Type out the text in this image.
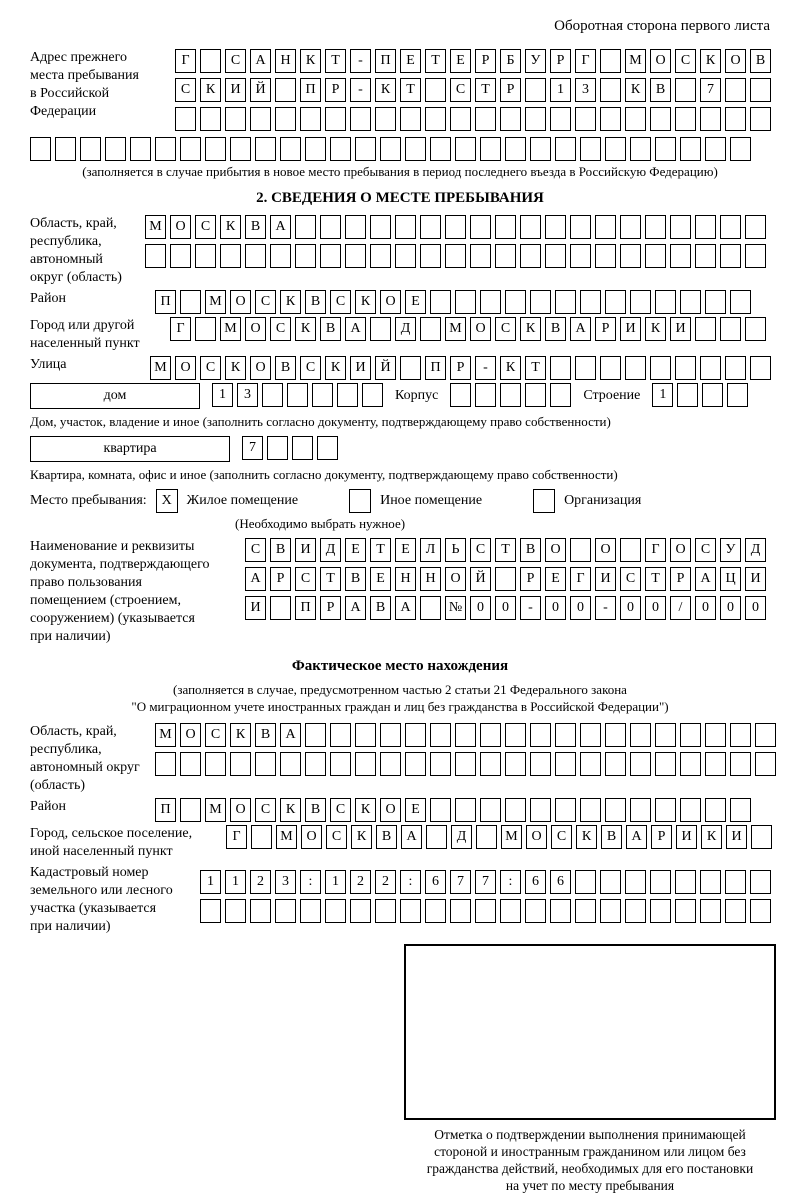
Оборотная сторона первого листа
Адрес прежнего
места пребывания
в Российской
Федерации
Г	С	А	Н	К	Т	-	П	Е	Т	Е	Р	Б	У	Р	Г	М О	С	К	О	В
С	К	И	Й	П	Р	-	К	Т	С	Т	Р	1	3	К	В	7
(заполняется в случае прибытия в новое место пребывания в период последнего въезда в Российскую Федерацию)
2. СВЕДЕНИЯ О МЕСТЕ ПРЕБЫВАНИЯ
Область, край,
республика,
автономный
округ (область)
М О	С	К	В	А
Район	П	М О	С	К	В	С	К	О	Е
Город или другой
населенный пункт
Г	М О	С	К	В	А	Д	М О	С	К	В	А	Р	И	К	И
Улица	М О	С	К	О	В	С	К	И	Й	П	Р	-	К	Т
дом	1	3	Корпус	Строение	1
Дом, участок, владение и иное (заполнить согласно документу, подтверждающему право собственности)
квартира	7
Квартира, комната, офис и иное (заполнить согласно документу, подтверждающему право собственности)
Место пребывания:	X	Жилое помещение	Иное помещение	Организация
(Необходимо выбрать нужное)
Наименование и реквизиты
документа, подтверждающего
право пользования
помещением (строением,
сооружением) (указывается
при наличии)
С	В	И	Д	Е	Т	Е	Л	Ь	С	Т	В	О	О	Г	О	С	У	Д
А	Р	С	Т	В	Е	Н	Н	О	Й	Р	Е	Г	И	С	Т	Р	А	Ц	И
И	П	Р	А	В	А	№	0	0	-	0	0	-	0	0	/	0	0	0
Фактическое место нахождения
(заполняется в случае, предусмотренном частью 2 статьи 21 Федерального закона
"О миграционном учете иностранных граждан и лиц без гражданства в Российской Федерации")
Область, край,
республика,
автономный округ
(область)
М О	С	К	В	А
Район	П	М О	С	К	В	С	К	О	Е
Город, сельское поселение,
иной населенный пункт
Г	М О	С	К	В	А	Д	М О	С	К	В	А	Р	И	К	И
Кадастровый номер
земельного или лесного
участка (указывается
при наличии)
1	1	2	3	:	1	2	2	:	6	7	7	:	6	6
Отметка о подтверждении выполнения принимающей
стороной и иностранным гражданином или лицом без
гражданства действий, необходимых для его постановки
на учет по месту пребывания
